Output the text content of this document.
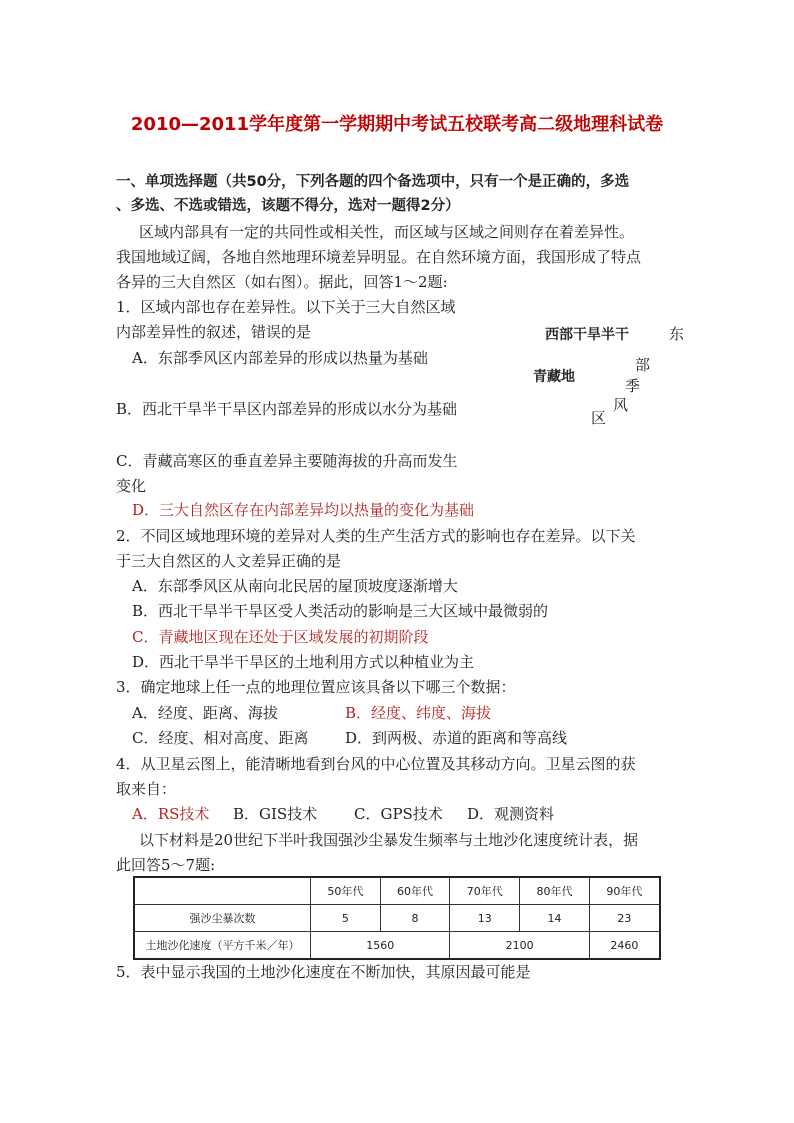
2010—2011学年度第一学期期中考试五校联考高二级地理科试卷
一、单项选择题（共50分，下列各题的四个备选项中，只有一个是正确的，多选
、多选、不选或错选，该题不得分，选对一题得2分）
区域内部具有一定的共同性或相关性，而区域与区域之间则存在着差异性。
我国地域辽阔，各地自然地理环境差异明显。在自然环境方面，我国形成了特点
各异的三大自然区（如右图）。据此，回答1～2题:
1．区域内部也存在差异性。以下关于三大自然区域
内部差异性的叙述，错误的是
A．东部季风区内部差异的形成以热量为基础
B．西北干旱半干旱区内部差异的形成以水分为基础
C．青藏高寒区的垂直差异主要随海拔的升高而发生
变化
D．三大自然区存在内部差异均以热量的变化为基础
西部干旱半干	东
部
青藏地	季
风
区
2．不同区域地理环境的差异对人类的生产生活方式的影响也存在差异。以下关
于三大自然区的人文差异正确的是
A．东部季风区从南向北民居的屋顶坡度逐渐增大
B．西北干旱半干旱区受人类活动的影响是三大区域中最微弱的
C．青藏地区现在还处于区域发展的初期阶段
D．西北干旱半干旱区的土地利用方式以种植业为主
3．确定地球上任一点的地理位置应该具备以下哪三个数据：
A．经度、距离、海拔	B．经度、纬度、海拔
C．经度、相对高度、距离 D．到两极、赤道的距离和等高线
4．从卫星云图上，能清晰地看到台风的中心位置及其移动方向。卫星云图的获
取来自：
A．RS技术 B．GIS技术 C．GPS技术 D．观测资料
以下材料是20世纪下半叶我国强沙尘暴发生频率与土地沙化速度统计表，据
此回答5～7题:
	50年代	60年代	70年代	80年代	90年代
强沙尘暴次数	5	8	13	14	23
土地沙化速度（平方千米／年）	1560		2100		2460
5．表中显示我国的土地沙化速度在不断加快，其原因最可能是
